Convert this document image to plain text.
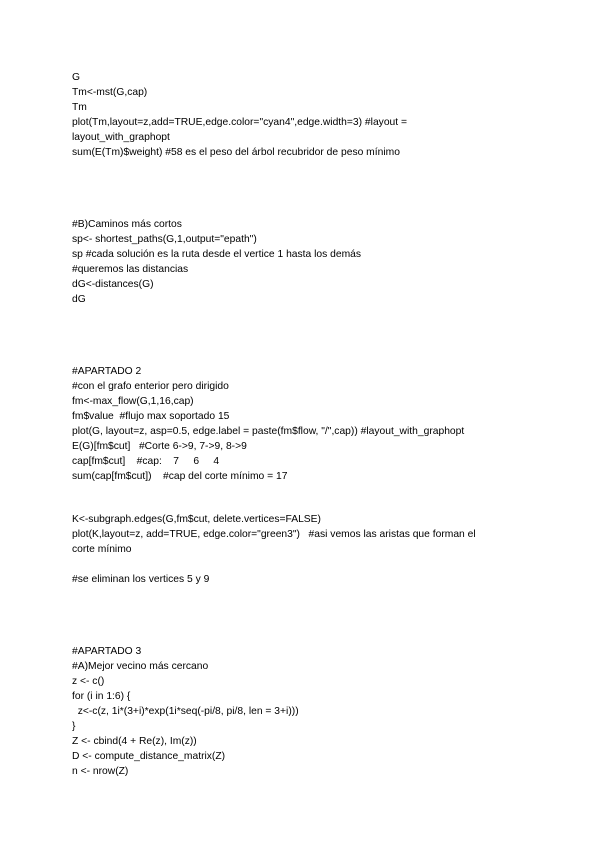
G
Tm<-mst(G,cap)
Tm
plot(Tm,layout=z,add=TRUE,edge.color="cyan4",edge.width=3) #layout =
layout_with_graphopt
sum(E(Tm)$weight) #58 es el peso del árbol recubridor de peso mínimo
#B)Caminos más cortos
sp<- shortest_paths(G,1,output="epath")
sp #cada solución es la ruta desde el vertice 1 hasta los demás
#queremos las distancias
dG<-distances(G)
dG
#APARTADO 2
#con el grafo enterior pero dirigido
fm<-max_flow(G,1,16,cap)
fm$value  #flujo max soportado 15
plot(G, layout=z, asp=0.5, edge.label = paste(fm$flow, "/",cap)) #layout_with_graphopt
E(G)[fm$cut]   #Corte 6->9, 7->9, 8->9
cap[fm$cut]    #cap:    7     6     4
sum(cap[fm$cut])    #cap del corte mínimo = 17
K<-subgraph.edges(G,fm$cut, delete.vertices=FALSE)
plot(K,layout=z, add=TRUE, edge.color="green3")   #asi vemos las aristas que forman el
corte mínimo
#se eliminan los vertices 5 y 9
#APARTADO 3
#A)Mejor vecino más cercano
z <- c()
for (i in 1:6) {
z<-c(z, 1i*(3+i)*exp(1i*seq(-pi/8, pi/8, len = 3+i)))
}
Z <- cbind(4 + Re(z), Im(z))
D <- compute_distance_matrix(Z)
n <- nrow(Z)
